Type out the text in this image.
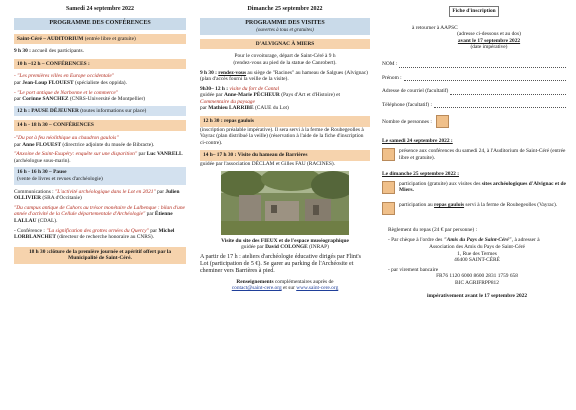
Samedi 24 septembre 2022
PROGRAMME DES CONFÉRENCES
Saint-Céré – AUDITORIUM (entrée libre et gratuite)

9 h 30 : accueil des participants.

10 h –12 h – CONFÉRENCES :

- "Les premières villes en Europe occidentale"
par Jean-Loup FLOUEST (spécialiste des oppida).

- "Le port antique de Narbonne et le commerce"
par Corinne SANCHEZ (CNRS-Université de Montpellier)

12 h : PAUSE DÉJEUNER (toutes informations sur place)
14 h - 18 h 30 – CONFÉRENCES

-"Du pot à feu néolithique au chaudron gaulois"
par Anne FLOUEST (directrice adjointe du musée de Bibracte).

"Anxoine de Saint-Exupéry: enquête sur une disparition" par Luc VANRELL (archéologue sous-marin).

16 h - 16 h 30 – Pause
(vente de livres et revues d'archéologie)

Communications : "L'activité archéologique dans le Lot en 2021" par Julien OLLIVIER (SRA d'Occitanie)

"Du campus antique de Cahors au trésor monétaire de Lalbenque : bilan d'une année d'activité de la Cellule départementale d'Archéologie" par Étienne LALLAU (CDAL).

- Conférence : "La signification des grottes ornées du Quercy" par Michel LORBLANCHET (directeur de recherche honoraire au CNRS).

18 h 30 :clôture de la première journée et apéritif offert par la Municipalité de Saint-Céré.
Dimanche 25 septembre 2022
PROGRAMME DES VISITES
(ouvertes à tous et gratuites)
D'ALVIGNAC À MIERS

Pour le covoiturage, départ de Saint-Céré à 9 h
(rendez-vous au pied de la statue de Canrobert).

9 h 30 : rendez-vous au siège de "Racines" au hameau de Salgues (Alvignac) (plan d'accès fourni la veille de la visite).

9h30– 12 h : visite du fort de Cantal
guidée par Anne-Marie PÉCHEUR (Pays d'Art et d'Histoire) et Commentaire du paysage
par Mathieu LARRIBE (CAUE du Lot)

12 h 30 : repas gaulois

(inscription préalable impérative). Il sera servi à la ferme de Roubegeolles à Vayrac (plan distribué la veille) (réservation à l'aide de la fiche d'inscription ci-contre).

14 h– 17 h 30 : Visite du hameau de Barrières

guidée par l'association DÉCLAM et Gilles FAU (RACINES).

Visite du site des FIEUX et de l'espace muséographique
guidée par David COLONGE (INRAP)

A partir de 17 h : ateliers d'archéologie éducative dirigés par Flint's Lot (participation de 5 €). Se garer au parking de l'Archéosite et cheminer vers Barrières à pied.

Renseignements complémentaires auprès de
contact@saint-cere.org et sur www.saint-cere.org

Fiche d'inscription
à retourner à AAPSC
(adresse ci-dessous et au dos)
avant le 17 septembre 2022
(date impérative)
NOM :
Prénom :
Adresse de courriel (facultatif)
Téléphone (facultatif) :
Nombre de personnes :
Le samedi 24 septembre 2022 :
présence aux conférences du samedi 24, à l'Auditorium de Saint-Céré (entrée libre et gratuite).
Le dimanche 25 septembre 2022 :
participation (gratuite) aux visites des sites archéologiques d'Alvignac et de Miers.
participation au repas gaulois servi à la ferme de Roubegeolles (Vayrac).

Règlement du repas (24 € par personne) :

- Par chèque à l'ordre des "Amis du Pays de Saint-Céré", à adresser à

Association des Amis du Pays de Saint-Céré
1, Rue des Termes
46400 SAINT-CÉRÉ
- par virement bancaire
FR76 1120 6000 8600 2831 1759 658
BIC AGRIFRPP812
impérativement avant le 17 septembre 2022
